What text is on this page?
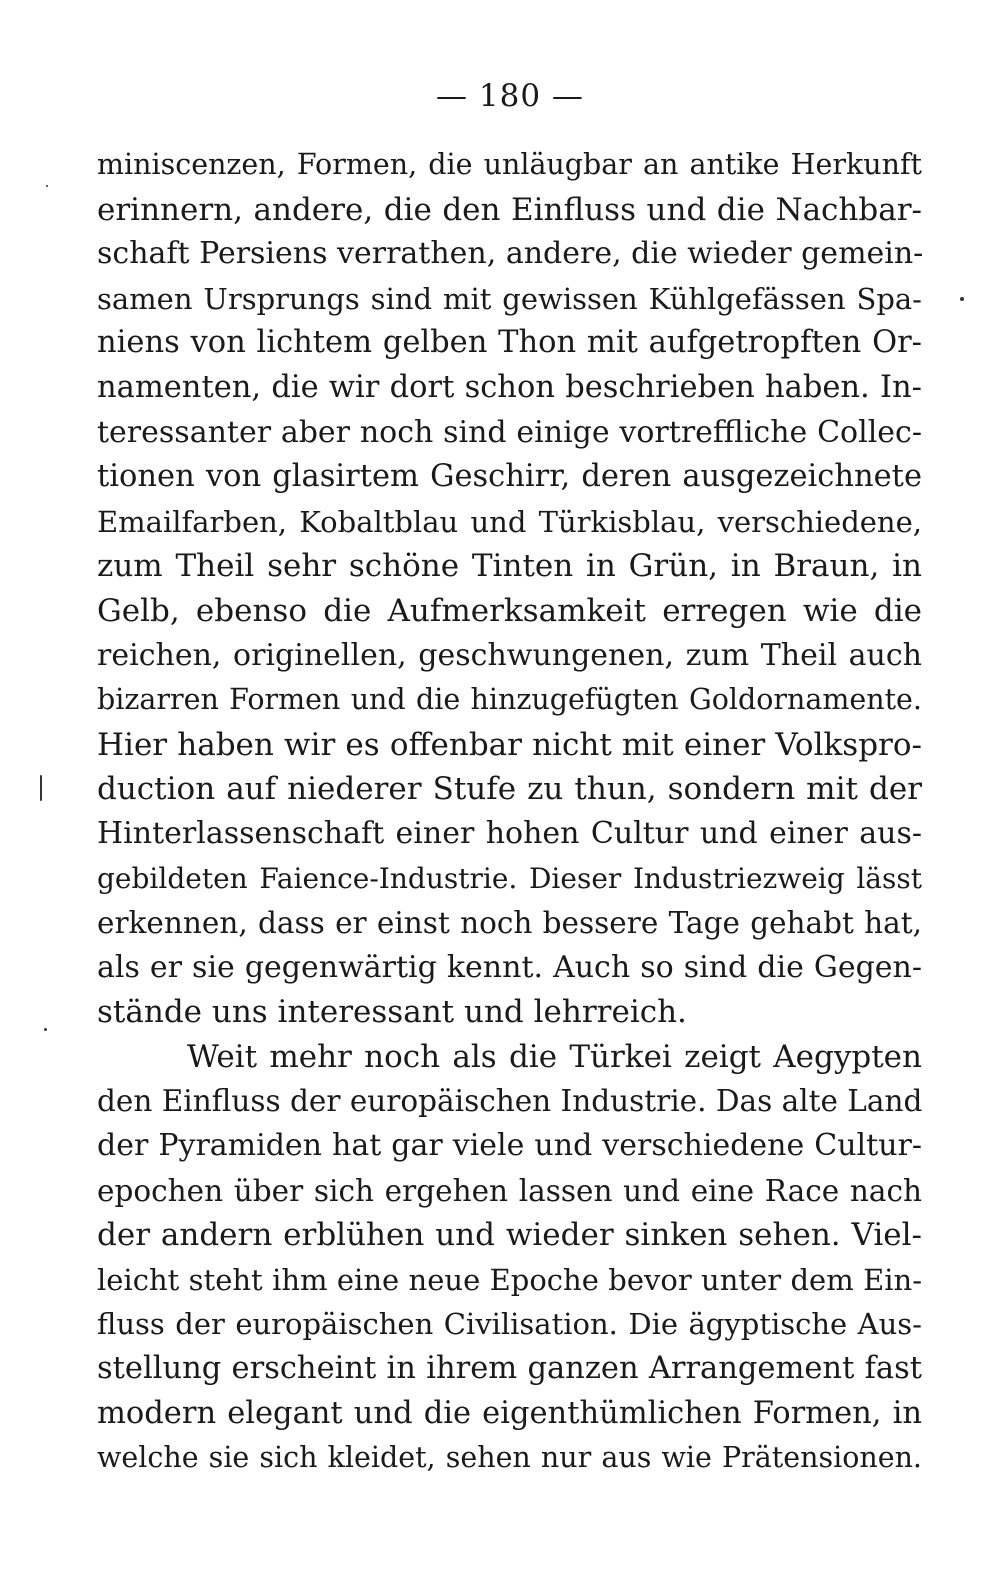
— 180 —
miniscenzen, Formen, die unläugbar an antike Herkunft
erinnern, andere, die den Einfluss und die Nachbar-
schaft Persiens verrathen, andere, die wieder gemein-
samen Ursprungs sind mit gewissen Kühlgefässen Spa-
niens von lichtem gelben Thon mit aufgetropften Or-
namenten, die wir dort schon beschrieben haben. In-
teressanter aber noch sind einige vortreffliche Collec-
tionen von glasirtem Geschirr, deren ausgezeichnete
Emailfarben, Kobaltblau und Türkisblau, verschiedene,
zum Theil sehr schöne Tinten in Grün, in Braun, in
Gelb, ebenso die Aufmerksamkeit erregen wie die
reichen, originellen, geschwungenen, zum Theil auch
bizarren Formen und die hinzugefügten Goldornamente.
Hier haben wir es offenbar nicht mit einer Volkspro-
duction auf niederer Stufe zu thun, sondern mit der
Hinterlassenschaft einer hohen Cultur und einer aus-
gebildeten Faience-Industrie. Dieser Industriezweig lässt
erkennen, dass er einst noch bessere Tage gehabt hat,
als er sie gegenwärtig kennt. Auch so sind die Gegen-
stände uns interessant und lehrreich.
Weit mehr noch als die Türkei zeigt Aegypten
den Einfluss der europäischen Industrie. Das alte Land
der Pyramiden hat gar viele und verschiedene Cultur-
epochen über sich ergehen lassen und eine Race nach
der andern erblühen und wieder sinken sehen. Viel-
leicht steht ihm eine neue Epoche bevor unter dem Ein-
fluss der europäischen Civilisation. Die ägyptische Aus-
stellung erscheint in ihrem ganzen Arrangement fast
modern elegant und die eigenthümlichen Formen, in
welche sie sich kleidet, sehen nur aus wie Prätensionen.
